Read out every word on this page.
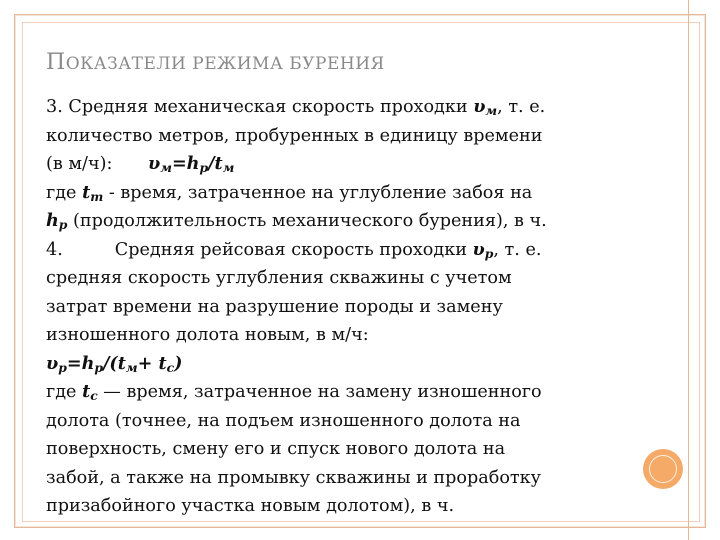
ПОКАЗАТЕЛИ РЕЖИМА БУРЕНИЯ
3. Средняя механическая скорость проходки $\upsilon_м$, т. е.
количество метров, пробуренных в единицу времени
(в м/ч): $\upsilon_м=h_р/t_м$
где $t_m$ - время, затраченное на углубление забоя на
$h_p$ (продолжительность механического бурения), в ч.
4.	Средняя рейсовая скорость проходки $\upsilon_р$, т. е.
средняя скорость углубления скважины с учетом
затрат времени на разрушение породы и замену
изношенного долота новым, в м/ч:
$\upsilon_р=h_p/(t_м+ t_c)$
где $t_c$ — время, затраченное на замену изношенного
долота (точнее, на подъем изношенного долота на
поверхность, смену его и спуск нового долота на
забой, а также на промывку скважины и проработку
призабойного участка новым долотом), в ч.
